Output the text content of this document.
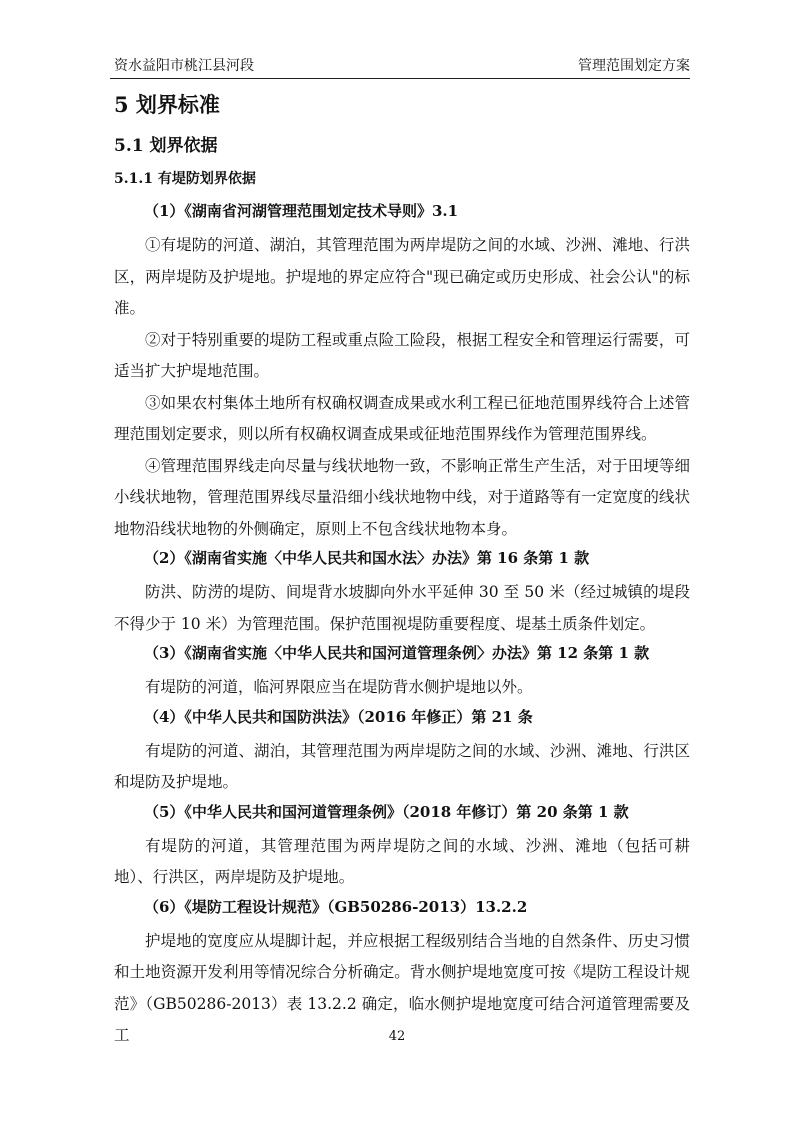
资水益阳市桃江县河段	管理范围划定方案
5 划界标准
5.1 划界依据
5.1.1 有堤防划界依据

（1）《湖南省河湖管理范围划定技术导则》3.1

①有堤防的河道、湖泊，其管理范围为两岸堤防之间的水域、沙洲、滩地、行洪区，两岸堤防及护堤地。护堤地的界定应符合"现已确定或历史形成、社会公认"的标准。

②对于特别重要的堤防工程或重点险工险段，根据工程安全和管理运行需要，可适当扩大护堤地范围。

③如果农村集体土地所有权确权调查成果或水利工程已征地范围界线符合上述管理范围划定要求，则以所有权确权调查成果或征地范围界线作为管理范围界线。

④管理范围界线走向尽量与线状地物一致，不影响正常生产生活，对于田埂等细小线状地物，管理范围界线尽量沿细小线状地物中线，对于道路等有一定宽度的线状地物沿线状地物的外侧确定，原则上不包含线状地物本身。

（2）《湖南省实施〈中华人民共和国水法〉办法》第 16 条第 1 款

防洪、防涝的堤防、间堤背水坡脚向外水平延伸 30 至 50 米（经过城镇的堤段不得少于 10 米）为管理范围。保护范围视堤防重要程度、堤基土质条件划定。

（3）《湖南省实施〈中华人民共和国河道管理条例〉办法》第 12 条第 1 款

有堤防的河道，临河界限应当在堤防背水侧护堤地以外。

（4）《中华人民共和国防洪法》（2016 年修正）第 21 条

有堤防的河道、湖泊，其管理范围为两岸堤防之间的水域、沙洲、滩地、行洪区和堤防及护堤地。

（5）《中华人民共和国河道管理条例》（2018 年修订）第 20 条第 1 款

有堤防的河道，其管理范围为两岸堤防之间的水域、沙洲、滩地（包括可耕地）、行洪区，两岸堤防及护堤地。

（6）《堤防工程设计规范》（GB50286-2013）13.2.2

护堤地的宽度应从堤脚计起，并应根据工程级别结合当地的自然条件、历史习惯和土地资源开发利用等情况综合分析确定。背水侧护堤地宽度可按《堤防工程设计规范》（GB50286-2013）表 13.2.2 确定，临水侧护堤地宽度可结合河道管理需要及工	42
